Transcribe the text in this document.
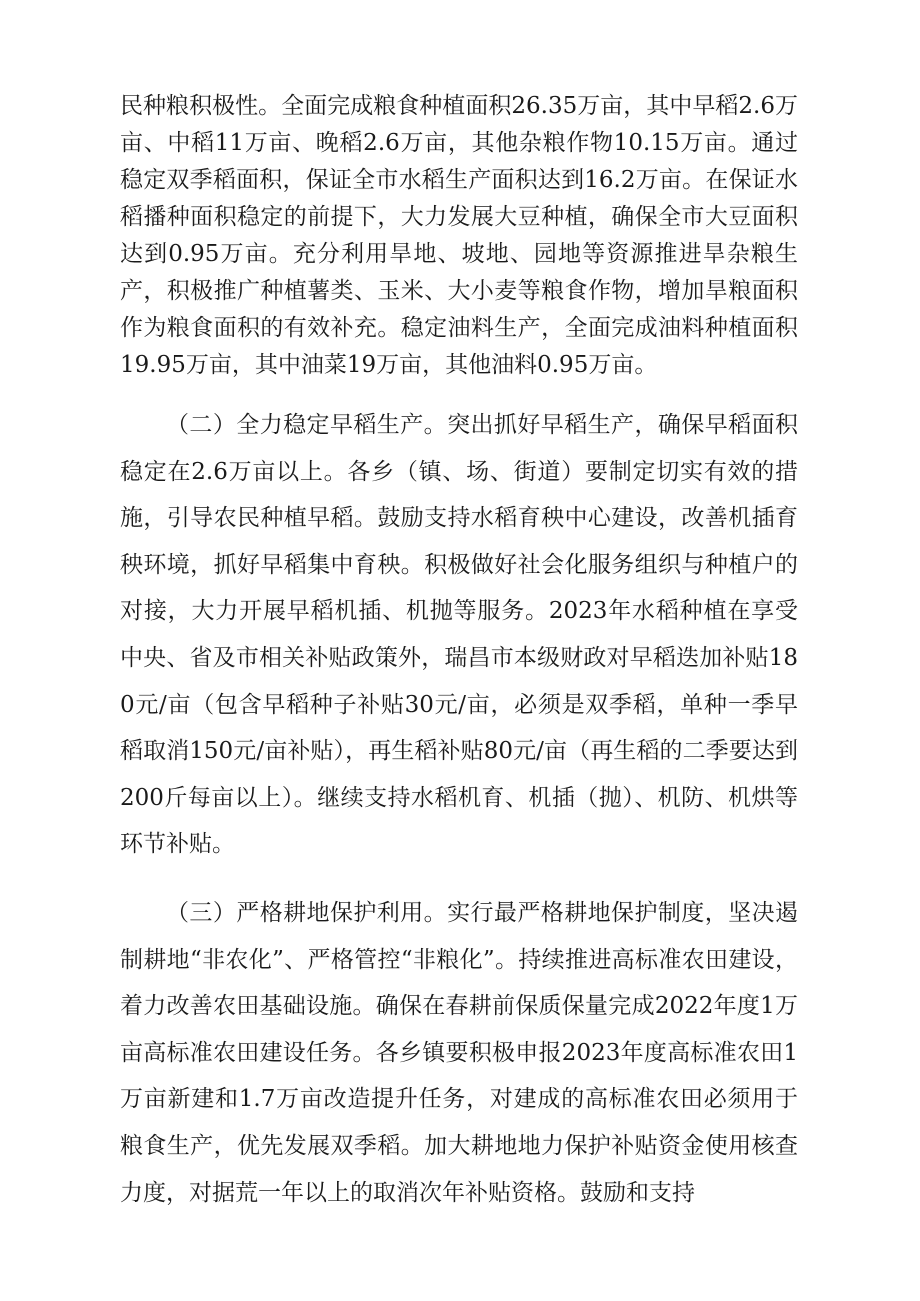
民种粮积极性。全面完成粮食种植面积26.35万亩，其中早稻2.6万亩、中稻11万亩、晚稻2.6万亩，其他杂粮作物10.15万亩。通过稳定双季稻面积，保证全市水稻生产面积达到16.2万亩。在保证水稻播种面积稳定的前提下，大力发展大豆种植，确保全市大豆面积达到0.95万亩。充分利用旱地、坡地、园地等资源推进旱杂粮生产，积极推广种植薯类、玉米、大小麦等粮食作物，增加旱粮面积作为粮食面积的有效补充。稳定油料生产，全面完成油料种植面积19.95万亩，其中油菜19万亩，其他油料0.95万亩。

（二）全力稳定早稻生产。突出抓好早稻生产，确保早稻面积稳定在2.6万亩以上。各乡（镇、场、街道）要制定切实有效的措施，引导农民种植早稻。鼓励支持水稻育秧中心建设，改善机插育秧环境，抓好早稻集中育秧。积极做好社会化服务组织与种植户的对接，大力开展早稻机插、机抛等服务。2023年水稻种植在享受中央、省及市相关补贴政策外，瑞昌市本级财政对早稻迭加补贴180元/亩（包含早稻种子补贴30元/亩，必须是双季稻，单种一季早稻取消150元/亩补贴），再生稻补贴80元/亩（再生稻的二季要达到200斤每亩以上）。继续支持水稻机育、机插（抛）、机防、机烘等环节补贴。

（三）严格耕地保护利用。实行最严格耕地保护制度，坚决遏制耕地“非农化”、严格管控“非粮化”。持续推进高标准农田建设，着力改善农田基础设施。确保在春耕前保质保量完成2022年度1万亩高标准农田建设任务。各乡镇要积极申报2023年度高标准农田1万亩新建和1.7万亩改造提升任务，对建成的高标准农田必须用于粮食生产，优先发展双季稻。加大耕地地力保护补贴资金使用核查力度，对据荒一年以上的取消次年补贴资格。鼓励和支持
